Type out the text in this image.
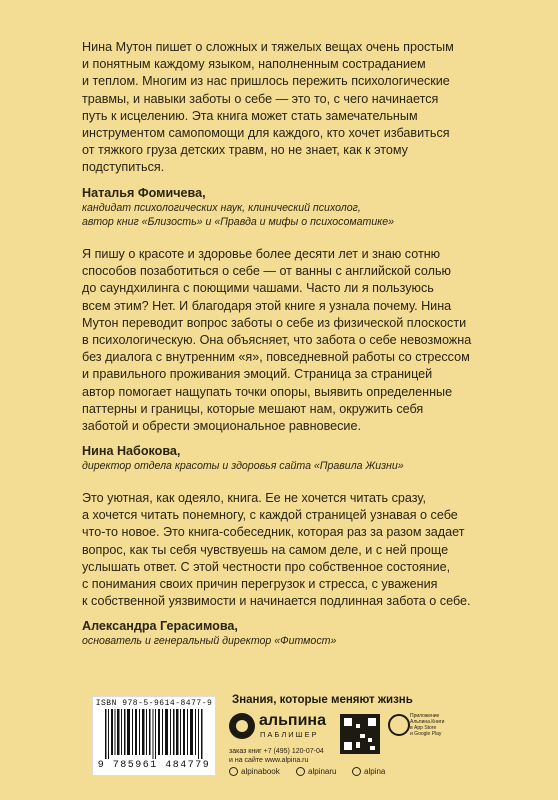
Нина Мутон пишет о сложных и тяжелых вещах очень простым
и понятным каждому языком, наполненным состраданием
и теплом. Многим из нас пришлось пережить психологические
травмы, и навыки заботы о себе — это то, с чего начинается
путь к исцелению. Эта книга может стать замечательным
инструментом самопомощи для каждого, кто хочет избавиться
от тяжкого груза детских травм, но не знает, как к этому
подступиться.

Наталья Фомичева,
кандидат психологических наук, клинический психолог,
автор книг «Близость» и «Правда и мифы о психосоматике»

Я пишу о красоте и здоровье более десяти лет и знаю сотню
способов позаботиться о себе — от ванны с английской солью
до саундхилинга с поющими чашами. Часто ли я пользуюсь
всем этим? Нет. И благодаря этой книге я узнала почему. Нина
Мутон переводит вопрос заботы о себе из физической плоскости
в психологическую. Она объясняет, что забота о себе невозможна
без диалога с внутренним «я», повседневной работы со стрессом
и правильного проживания эмоций. Страница за страницей
автор помогает нащупать точки опоры, выявить определенные
паттерны и границы, которые мешают нам, окружить себя
заботой и обрести эмоциональное равновесие.

Нина Набокова,
директор отдела красоты и здоровья сайта «Правила Жизни»

Это уютная, как одеяло, книга. Ее не хочется читать сразу,
а хочется читать понемногу, с каждой страницей узнавая о себе
что-то новое. Это книга-собеседник, которая раз за разом задает
вопрос, как ты себя чувствуешь на самом деле, и с ней проще
услышать ответ. С этой честности про собственное состояние,
с понимания своих причин перегрузок и стресса, с уважения
к собственной уязвимости и начинается подлинная забота о себе.

Александра Герасимова,
основатель и генеральный директор «Фитмост»
ISBN 978-5-9614-8477-9
9 785961 484779
Знания, которые меняют жизнь
альпина
ПАБЛИШЕР
заказ книг +7 (495) 120-07-04
и на сайте www.alpina.ru
Приложение
Альпина.Книги
в App Store
и Google Play
alpinabook	alpinaru	alpina
